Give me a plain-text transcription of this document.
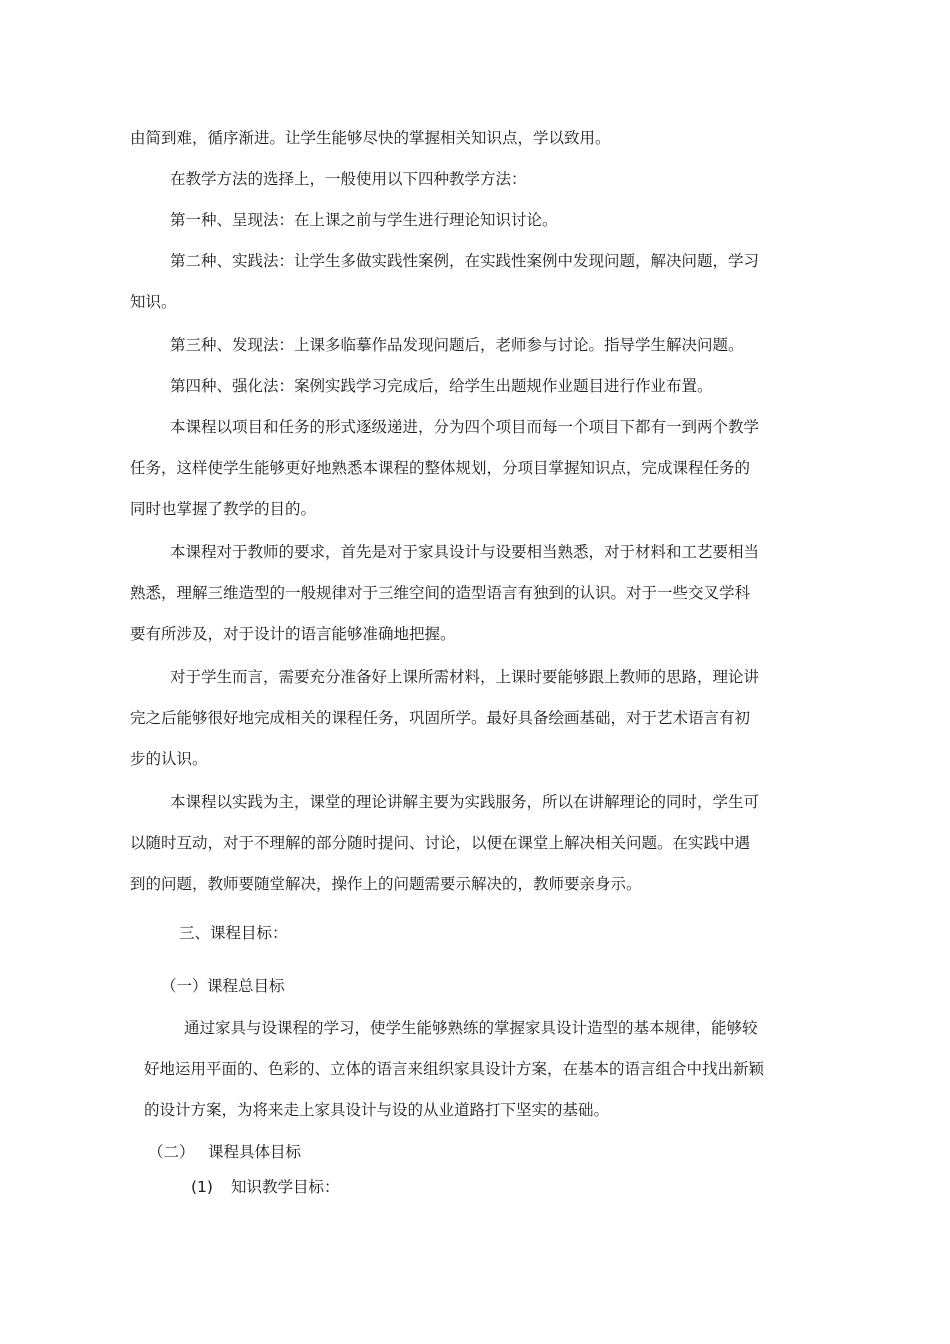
由简到难，循序渐进。让学生能够尽快的掌握相关知识点，学以致用。

在教学方法的选择上，一般使用以下四种教学方法：

第一种、呈现法：在上课之前与学生进行理论知识讨论。

第二种、实践法：让学生多做实践性案例，在实践性案例中发现问题，解决问题，学习

知识。

第三种、发现法：上课多临摹作品发现问题后，老师参与讨论。指导学生解决问题。

第四种、强化法：案例实践学习完成后，给学生出题规作业题目进行作业布置。

本课程以项目和任务的形式逐级递进，分为四个项目而每一个项目下都有一到两个教学

任务，这样使学生能够更好地熟悉本课程的整体规划，分项目掌握知识点，完成课程任务的

同时也掌握了教学的目的。

本课程对于教师的要求，首先是对于家具设计与设要相当熟悉，对于材料和工艺要相当

熟悉，理解三维造型的一般规律对于三维空间的造型语言有独到的认识。对于一些交叉学科

要有所涉及，对于设计的语言能够准确地把握。

对于学生而言，需要充分准备好上课所需材料，上课时要能够跟上教师的思路，理论讲

完之后能够很好地完成相关的课程任务，巩固所学。最好具备绘画基础，对于艺术语言有初

步的认识。

本课程以实践为主，课堂的理论讲解主要为实践服务，所以在讲解理论的同时，学生可

以随时互动，对于不理解的部分随时提问、讨论，以便在课堂上解决相关问题。在实践中遇

到的问题，教师要随堂解决，操作上的问题需要示解决的，教师要亲身示。

三、课程目标：

（一） 课程总目标

通过家具与设课程的学习，使学生能够熟练的掌握家具设计造型的基本规律，能够较

好地运用平面的、色彩的、立体的语言来组织家具设计方案，在基本的语言组合中找出新颖

的设计方案，为将来走上家具设计与设的从业道路打下坚实的基础。

（二） 课程具体目标

(1) 知识教学目标：
